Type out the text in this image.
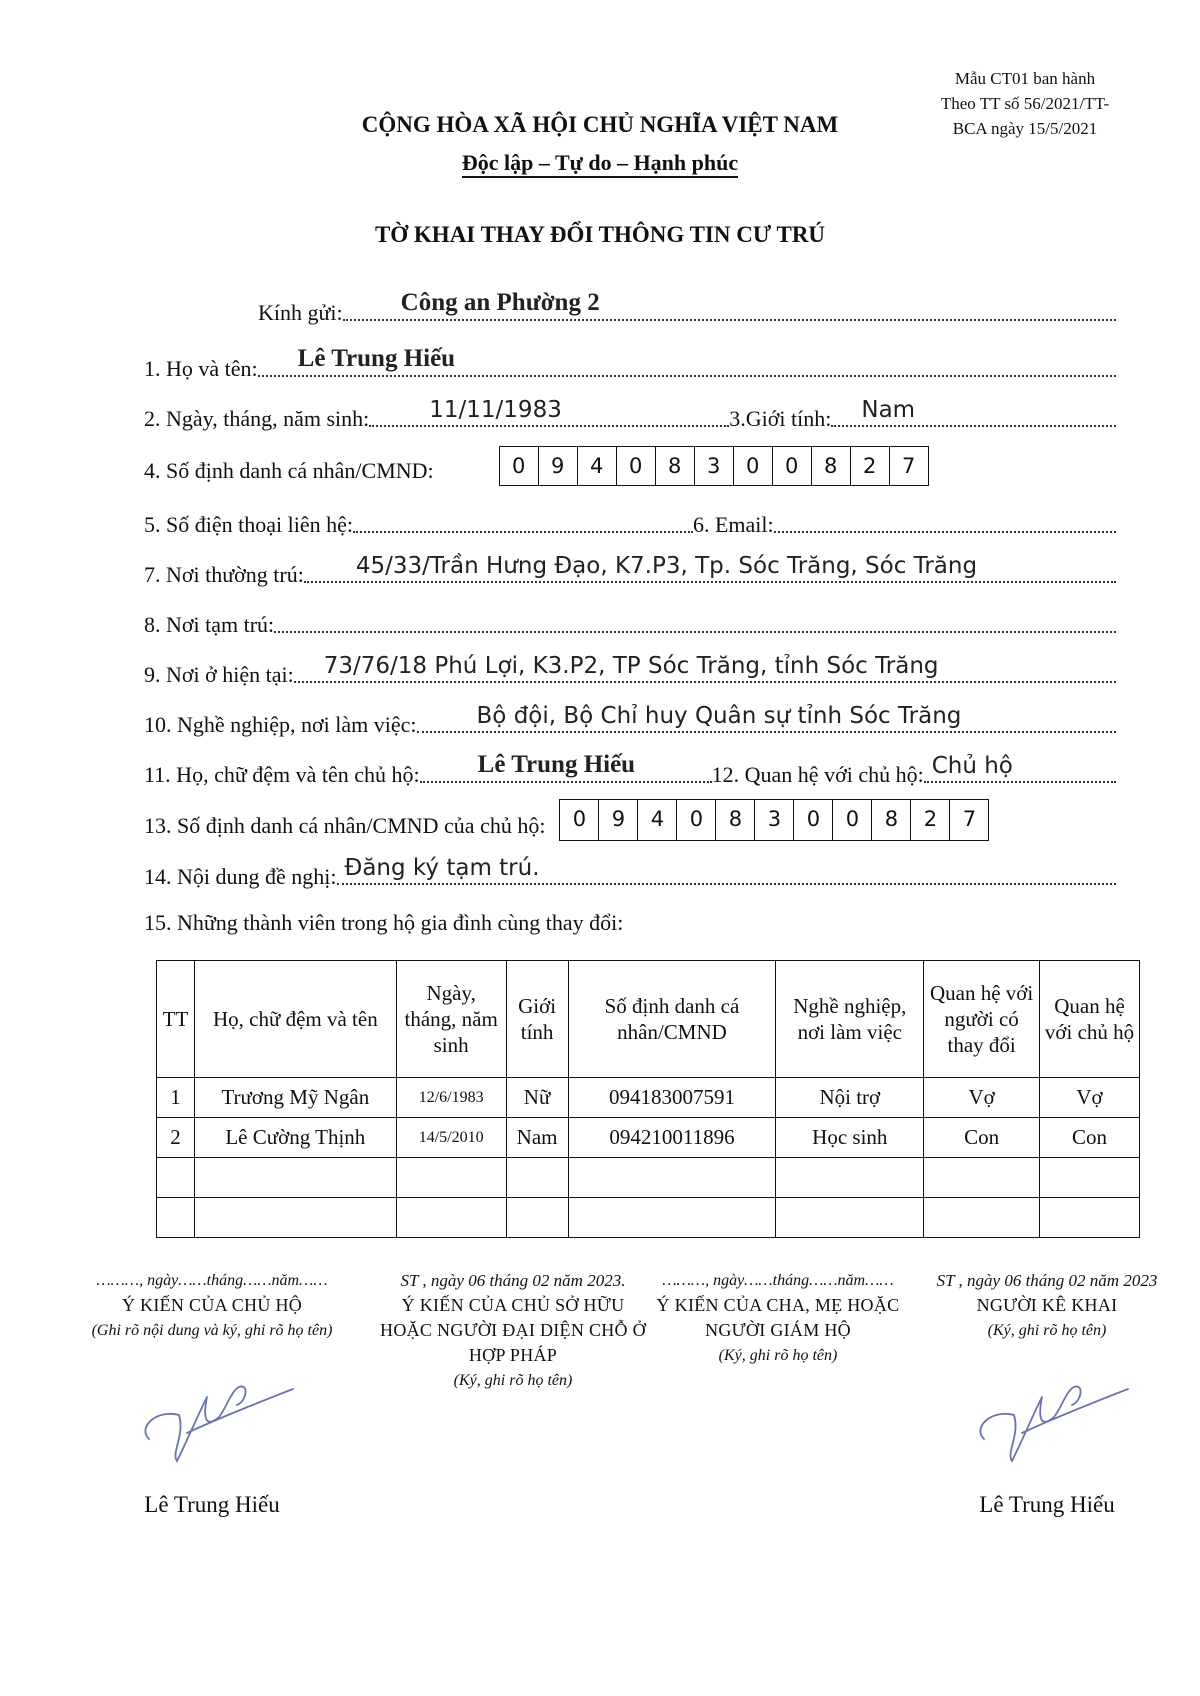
Mẫu CT01 ban hành
Theo TT số 56/2021/TT-
BCA ngày 15/5/2021
CỘNG HÒA XÃ HỘI CHỦ NGHĨA VIỆT NAM
Độc lập – Tự do – Hạnh phúc
TỜ KHAI THAY ĐỔI THÔNG TIN CƯ TRÚ
Kính gửi: Công an Phường 2
1. Họ và tên: Lê Trung Hiếu
2. Ngày, tháng, năm sinh:	11/11/1983	3.Giới tính: Nam
4. Số định danh cá nhân/CMND:	0	9	4	0	8	3	0	0	8	2	7
5. Số điện thoại liên hệ:	6. Email:
7. Nơi thường trú: 45/33/Trần Hưng Đạo, K7.P3, Tp. Sóc Trăng, Sóc Trăng
8. Nơi tạm trú:
9. Nơi ở hiện tại: 73/76/18 Phú Lợi, K3.P2, TP Sóc Trăng, tỉnh Sóc Trăng
10. Nghề nghiệp, nơi làm việc:	Bộ đội, Bộ Chỉ huy Quân sự tỉnh Sóc Trăng
11. Họ, chữ đệm và tên chủ hộ: Lê Trung Hiếu	12. Quan hệ với chủ hộ: Chủ hộ
13. Số định danh cá nhân/CMND của chủ hộ:	0	9	4	0	8	3	0	0	8	2	7
14. Nội dung đề nghị: Đăng ký tạm trú.
15. Những thành viên trong hộ gia đình cùng thay đổi:
TT	Họ, chữ đệm và tên	Ngày, tháng, năm sinh	Giới tính	Số định danh cá nhân/CMND	Nghề nghiệp, nơi làm việc	Quan hệ với người có thay đổi	Quan hệ với chủ hộ
1	Trương Mỹ Ngân	12/6/1983	Nữ	094183007591	Nội trợ	Vợ	Vợ
2	Lê Cường Thịnh	14/5/2010	Nam	094210011896	Học sinh	Con	Con

………, ngày……tháng……năm……
Ý KIẾN CỦA CHỦ HỘ
(Ghi rõ nội dung và ký, ghi rõ họ tên)
Lê Trung Hiếu
ST , ngày 06 tháng 02 năm 2023.
Ý KIẾN CỦA CHỦ SỞ HỮU HOẶC NGƯỜI ĐẠI DIỆN CHỖ Ở HỢP PHÁP
(Ký, ghi rõ họ tên)
………, ngày……tháng……năm……
Ý KIẾN CỦA CHA, MẸ HOẶC NGƯỜI GIÁM HỘ
(Ký, ghi rõ họ tên)
ST , ngày 06 tháng 02 năm 2023
NGƯỜI KÊ KHAI
(Ký, ghi rõ họ tên)
Lê Trung Hiếu
